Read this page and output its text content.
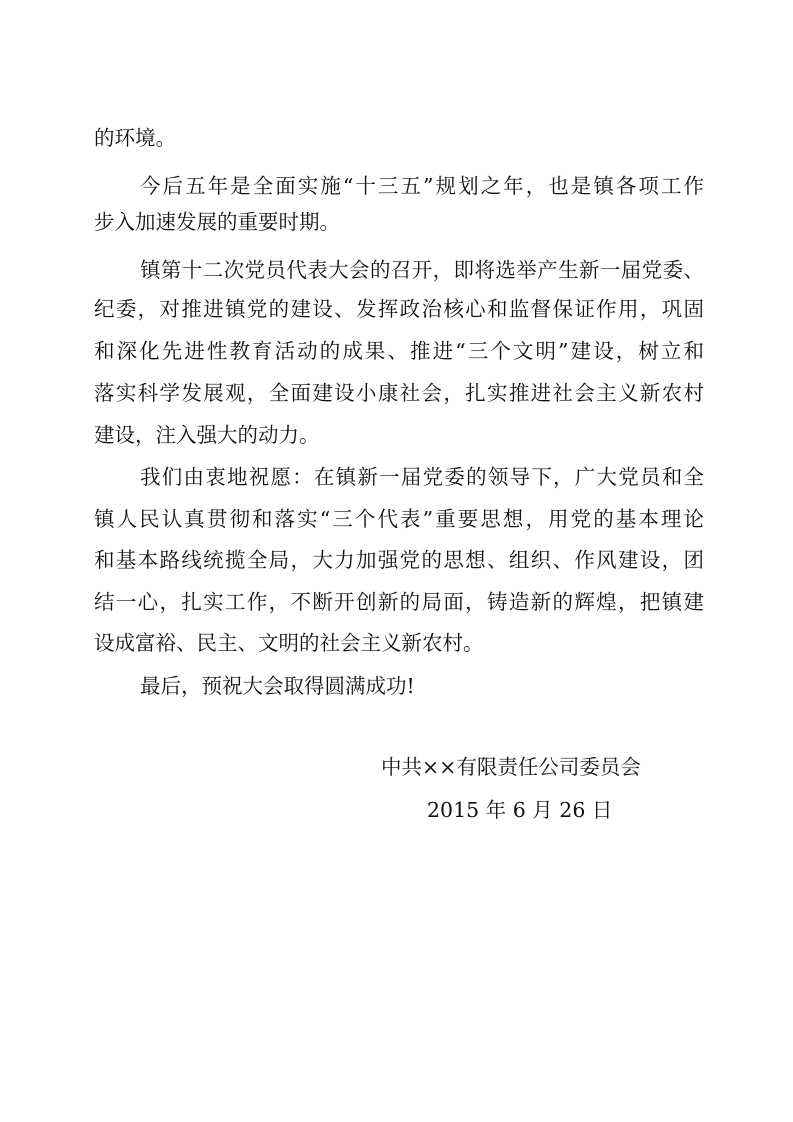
的环境。
今后五年是全面实施“十三五”规划之年，也是镇各项工作
步入加速发展的重要时期。
镇第十二次党员代表大会的召开，即将选举产生新一届党委、
纪委，对推进镇党的建设、发挥政治核心和监督保证作用，巩固
和深化先进性教育活动的成果、推进“三个文明”建设，树立和
落实科学发展观，全面建设小康社会，扎实推进社会主义新农村
建设，注入强大的动力。
我们由衷地祝愿：在镇新一届党委的领导下，广大党员和全
镇人民认真贯彻和落实“三个代表”重要思想，用党的基本理论
和基本路线统揽全局，大力加强党的思想、组织、作风建设，团
结一心，扎实工作，不断开创新的局面，铸造新的辉煌，把镇建
设成富裕、民主、文明的社会主义新农村。
最后，预祝大会取得圆满成功!
中共××有限责任公司委员会
2015 年 6 月 26 日
